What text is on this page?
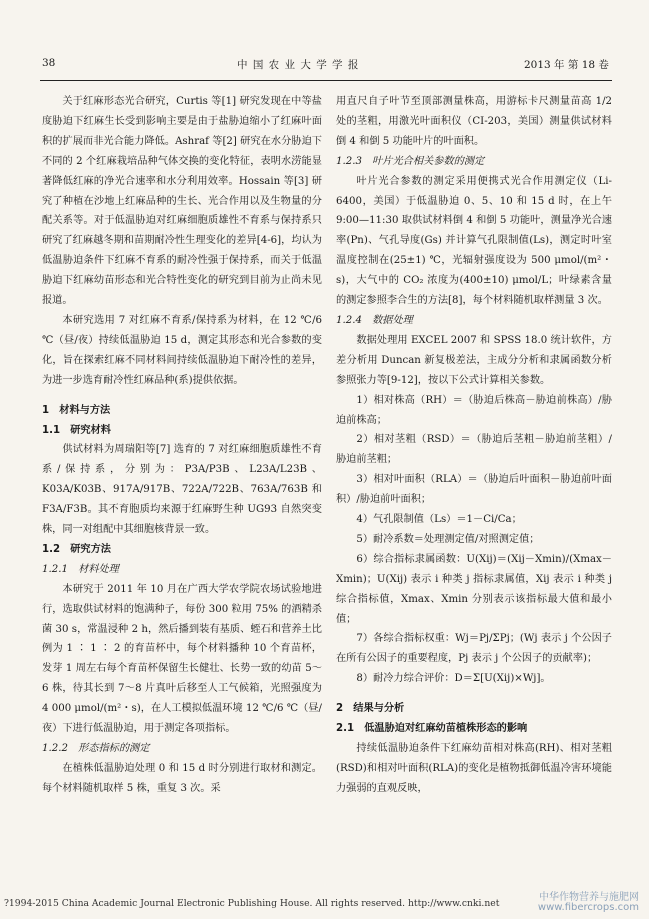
38	中 国 农 业 大 学 学 报	2013 年 第 18 卷

关于红麻形态光合研究，Curtis 等[1] 研究发现在中等盐度胁迫下红麻生长受到影响主要是由于盐胁迫缩小了红麻叶面积的扩展而非光合能力降低。Ashraf 等[2] 研究在水分胁迫下不同的 2 个红麻栽培品种气体交换的变化特征，表明水涝能显著降低红麻的净光合速率和水分利用效率。Hossain 等[3] 研究了种植在沙地上红麻品种的生长、光合作用以及生物量的分配关系等。对于低温胁迫对红麻细胞质雄性不育系与保持系只研究了红麻越冬期和苗期耐冷性生理变化的差异[4-6]，均认为低温胁迫条件下红麻不育系的耐冷性强于保持系，而关于低温胁迫下红麻幼苗形态和光合特性变化的研究到目前为止尚未见报道。

本研究选用 7 对红麻不育系/保持系为材料，在 12 ℃/6 ℃（昼/夜）持续低温胁迫 15 d，测定其形态和光合参数的变化，旨在探索红麻不同材料间持续低温胁迫下耐冷性的差异，为进一步选育耐冷性红麻品种(系)提供依据。

1　材料与方法

1.1　研究材料

供试材料为周瑞阳等[7] 选育的 7 对红麻细胞质雄性不育系/保持系，分别为：P3A/P3B、L23A/L23B、K03A/K03B、917A/917B、722A/722B、763A/763B 和 F3A/F3B。其不育胞质均来源于红麻野生种 UG93 自然突变株，同一对组配中其细胞核背景一致。

1.2　研究方法

1.2.1　材料处理

本研究于 2011 年 10 月在广西大学农学院农场试验地进行，选取供试材料的饱满种子，每份 300 粒用 75% 的酒精杀菌 30 s，常温浸种 2 h，然后播到装有基质、蛭石和营养土比例为 1 ∶ 1 ∶ 2 的育苗杯中，每个材料播种 10 个育苗杯，发芽 1 周左右每个育苗杯保留生长健壮、长势一致的幼苗 5～6 株，待其长到 7～8 片真叶后移至人工气候箱，光照强度为 4 000 μmol/(m²・s)，在人工模拟低温环境 12 ℃/6 ℃（昼/夜）下进行低温胁迫，用于测定各项指标。

1.2.2　形态指标的测定

在植株低温胁迫处理 0 和 15 d 时分别进行取材和测定。每个材料随机取样 5 株，重复 3 次。采

用直尺自子叶节至顶部测量株高，用游标卡尺测量苗高 1/2 处的茎粗，用激光叶面积仪（CI-203，美国）测量供试材料倒 4 和倒 5 功能叶片的叶面积。

1.2.3　叶片光合相关参数的测定

叶片光合参数的测定采用便携式光合作用测定仪（Li-6400，美国）于低温胁迫 0、5、10 和 15 d 时，在上午 9:00—11:30 取供试材料倒 4 和倒 5 功能叶，测量净光合速率(Pn)、气孔导度(Gs) 并计算气孔限制值(Ls)，测定时叶室温度控制在(25±1) ℃，光辐射强度设为 500 μmol/(m²・s)，大气中的 CO₂ 浓度为(400±10) μmol/L；叶绿素含量的测定参照李合生的方法[8]，每个材料随机取样测量 3 次。

1.2.4　数据处理

数据处理用 EXCEL 2007 和 SPSS 18.0 统计软件，方差分析用 Duncan 新复极差法，主成分分析和隶属函数分析参照张力等[9-12]，按以下公式计算相关参数。

1）相对株高（RH）＝（胁迫后株高－胁迫前株高）/胁迫前株高；

2）相对茎粗（RSD）＝（胁迫后茎粗－胁迫前茎粗）/胁迫前茎粗；

3）相对叶面积（RLA）＝（胁迫后叶面积－胁迫前叶面积）/胁迫前叶面积；

4）气孔限制值（Ls）＝1－Ci/Ca；

5）耐冷系数＝处理测定值/对照测定值；

6）综合指标隶属函数：U(Xij)＝(Xij－Xmin)/(Xmax－Xmin)；U(Xij) 表示 i 种类 j 指标隶属值，Xij 表示 i 种类 j 综合指标值，Xmax、Xmin 分别表示该指标最大值和最小值；

7）各综合指标权重：Wj＝Pj/ΣPj；(Wj 表示 j 个公因子在所有公因子的重要程度，Pj 表示 j 个公因子的贡献率)；

8）耐冷力综合评价：D＝Σ[U(Xij)×Wj]。

2　结果与分析

2.1　低温胁迫对红麻幼苗植株形态的影响

持续低温胁迫条件下红麻幼苗相对株高(RH)、相对茎粗(RSD)和相对叶面积(RLA)的变化是植物抵御低温冷害环境能力强弱的直观反映，

?1994-2015 China Academic Journal Electronic Publishing House. All rights reserved. http://www.cnki.net
中华作物营养与施肥网
www.fibercrops.com
